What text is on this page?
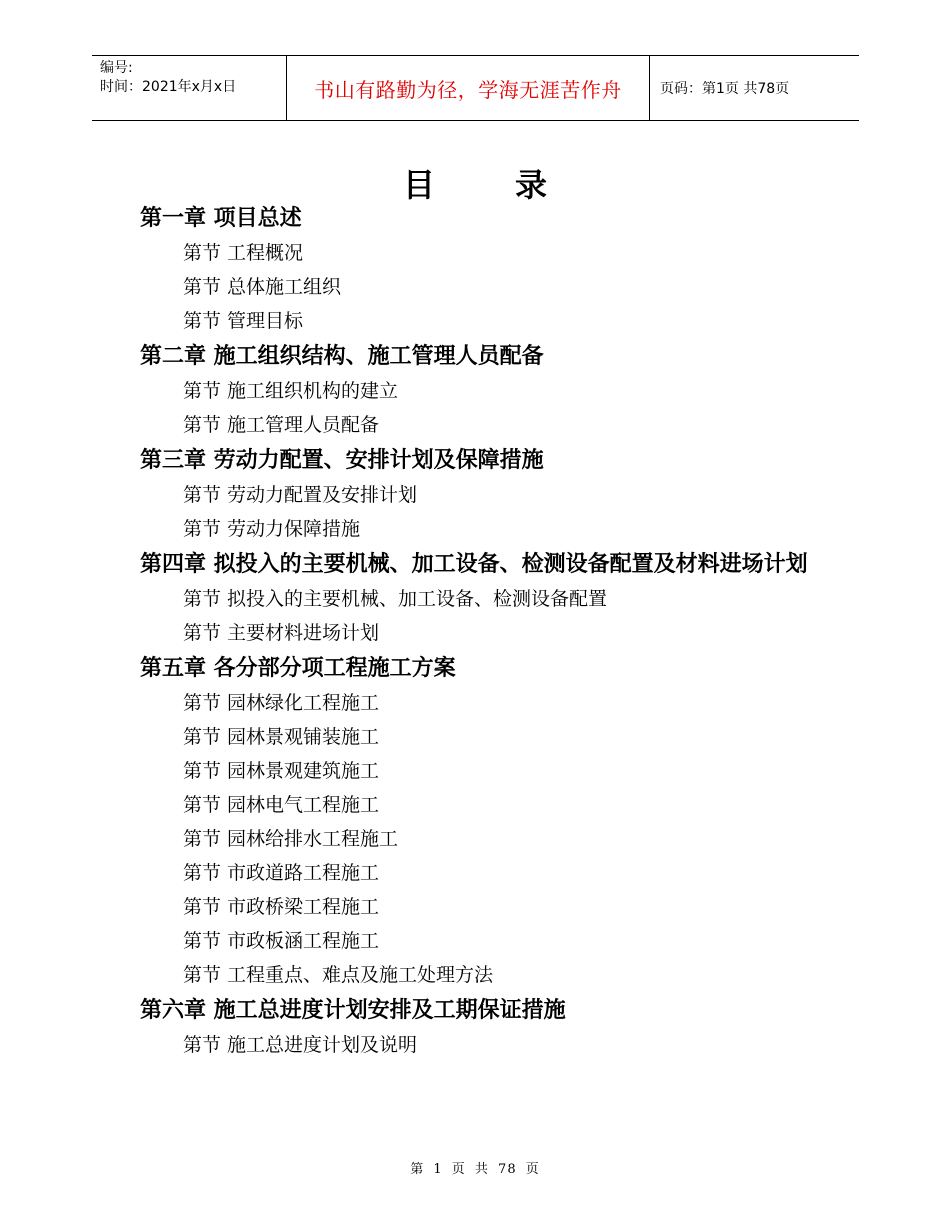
编号:
时间：2021年x月x日	书山有路勤为径，学海无涯苦作舟	页码：第1页 共78页
目录
第一章 项目总述
第节 工程概况
第节 总体施工组织
第节 管理目标
第二章 施工组织结构、施工管理人员配备
第节 施工组织机构的建立
第节 施工管理人员配备
第三章 劳动力配置、安排计划及保障措施
第节 劳动力配置及安排计划
第节 劳动力保障措施
第四章 拟投入的主要机械、加工设备、检测设备配置及材料进场计划
第节 拟投入的主要机械、加工设备、检测设备配置
第节 主要材料进场计划
第五章 各分部分项工程施工方案
第节 园林绿化工程施工
第节 园林景观铺装施工
第节 园林景观建筑施工
第节 园林电气工程施工
第节 园林给排水工程施工
第节 市政道路工程施工
第节 市政桥梁工程施工
第节 市政板涵工程施工
第节 工程重点、难点及施工处理方法
第六章 施工总进度计划安排及工期保证措施
第节 施工总进度计划及说明
第 1 页 共 78 页
